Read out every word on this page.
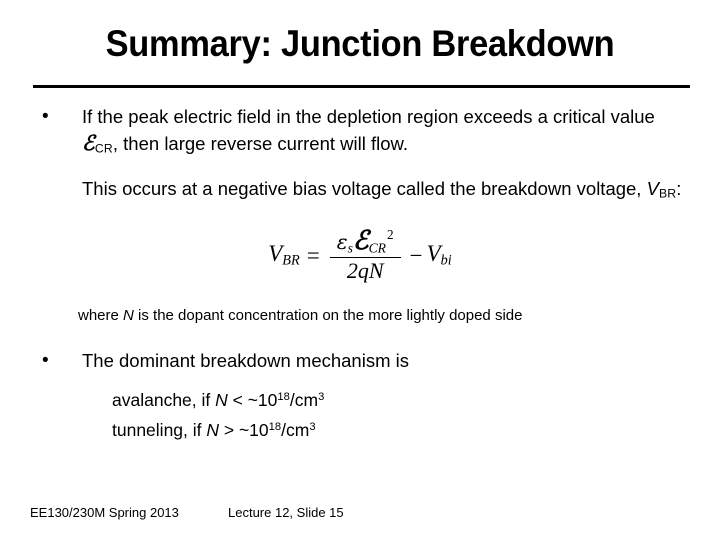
Summary: Junction Breakdown
• If the peak electric field in the depletion region exceeds a critical value ℰ$_{CR}$, then large reverse current will flow.
This occurs at a negative bias voltage called the breakdown voltage, $V_{BR}$:
VBR = $\frac{\varepsilon sℰCR^2}{2qN}$ − Vbi
where N is the dopant concentration on the more lightly doped side
• The dominant breakdown mechanism is
avalanche, if $N < \sim 10^{18}/cm^3$
tunneling, if $N > \sim 10^{18}/cm^3$
EE130/230M Spring 2013	Lecture 12, Slide 15
